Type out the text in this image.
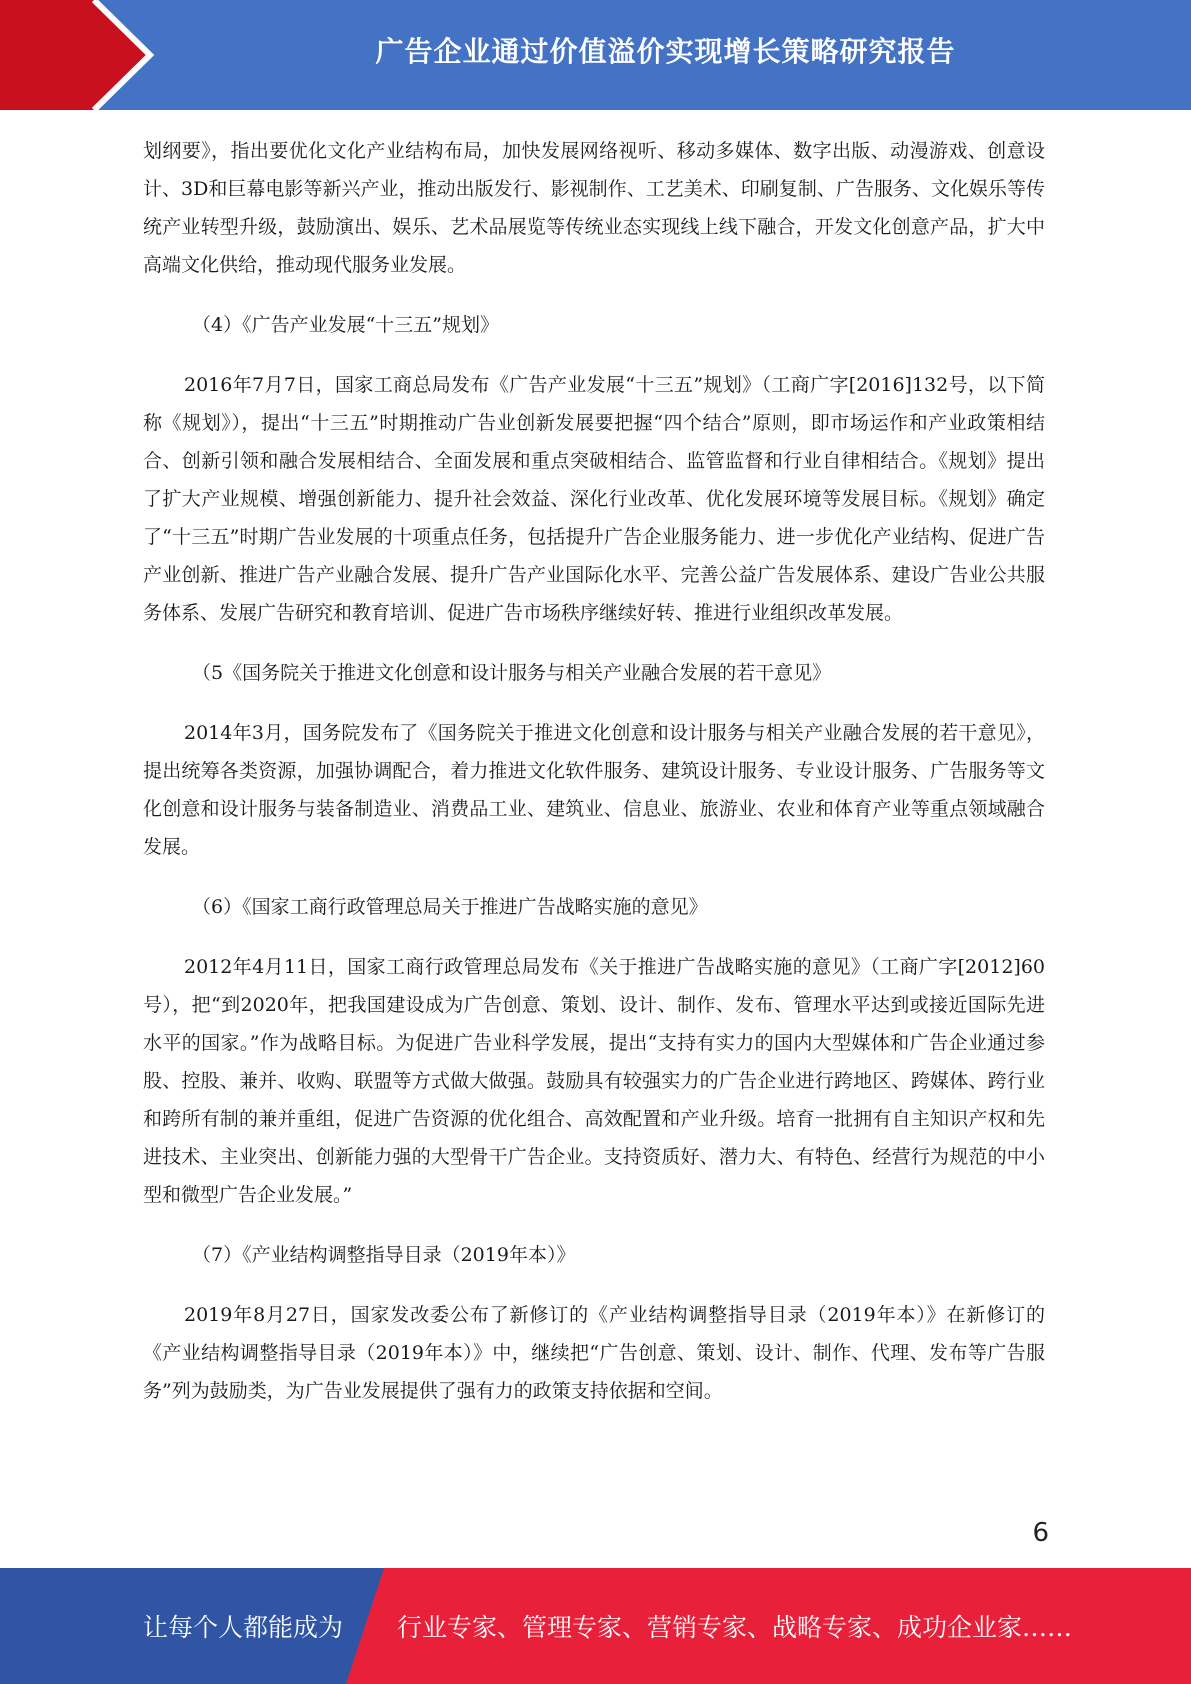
广告企业通过价值溢价实现增长策略研究报告

划纲要》，指出要优化文化产业结构布局，加快发展网络视听、移动多媒体、数字出版、动漫游戏、创意设计、3D和巨幕电影等新兴产业，推动出版发行、影视制作、工艺美术、印刷复制、广告服务、文化娱乐等传统产业转型升级，鼓励演出、娱乐、艺术品展览等传统业态实现线上线下融合，开发文化创意产品，扩大中高端文化供给，推动现代服务业发展。

（4）《广告产业发展“十三五”规划》

2016年7月7日，国家工商总局发布《广告产业发展“十三五”规划》（工商广字[2016]132号，以下简称《规划》），提出“十三五”时期推动广告业创新发展要把握“四个结合”原则，即市场运作和产业政策相结合、创新引领和融合发展相结合、全面发展和重点突破相结合、监管监督和行业自律相结合。《规划》提出了扩大产业规模、增强创新能力、提升社会效益、深化行业改革、优化发展环境等发展目标。《规划》确定了“十三五”时期广告业发展的十项重点任务，包括提升广告企业服务能力、进一步优化产业结构、促进广告产业创新、推进广告产业融合发展、提升广告产业国际化水平、完善公益广告发展体系、建设广告业公共服务体系、发展广告研究和教育培训、促进广告市场秩序继续好转、推进行业组织改革发展。

（5《国务院关于推进文化创意和设计服务与相关产业融合发展的若干意见》

2014年3月，国务院发布了《国务院关于推进文化创意和设计服务与相关产业融合发展的若干意见》，提出统筹各类资源，加强协调配合，着力推进文化软件服务、建筑设计服务、专业设计服务、广告服务等文化创意和设计服务与装备制造业、消费品工业、建筑业、信息业、旅游业、农业和体育产业等重点领域融合发展。

（6）《国家工商行政管理总局关于推进广告战略实施的意见》

2012年4月11日，国家工商行政管理总局发布《关于推进广告战略实施的意见》（工商广字[2012]60号），把“到2020年，把我国建设成为广告创意、策划、设计、制作、发布、管理水平达到或接近国际先进水平的国家。”作为战略目标。为促进广告业科学发展，提出“支持有实力的国内大型媒体和广告企业通过参股、控股、兼并、收购、联盟等方式做大做强。鼓励具有较强实力的广告企业进行跨地区、跨媒体、跨行业和跨所有制的兼并重组，促进广告资源的优化组合、高效配置和产业升级。培育一批拥有自主知识产权和先进技术、主业突出、创新能力强的大型骨干广告企业。支持资质好、潜力大、有特色、经营行为规范的中小型和微型广告企业发展。”

（7）《产业结构调整指导目录（2019年本）》

2019年8月27日，国家发改委公布了新修订的《产业结构调整指导目录（2019年本）》在新修订的《产业结构调整指导目录（2019年本）》中，继续把“广告创意、策划、设计、制作、代理、发布等广告服务”列为鼓励类，为广告业发展提供了强有力的政策支持依据和空间。

6
让每个人都能成为 行业专家、管理专家、营销专家、战略专家、成功企业家……
